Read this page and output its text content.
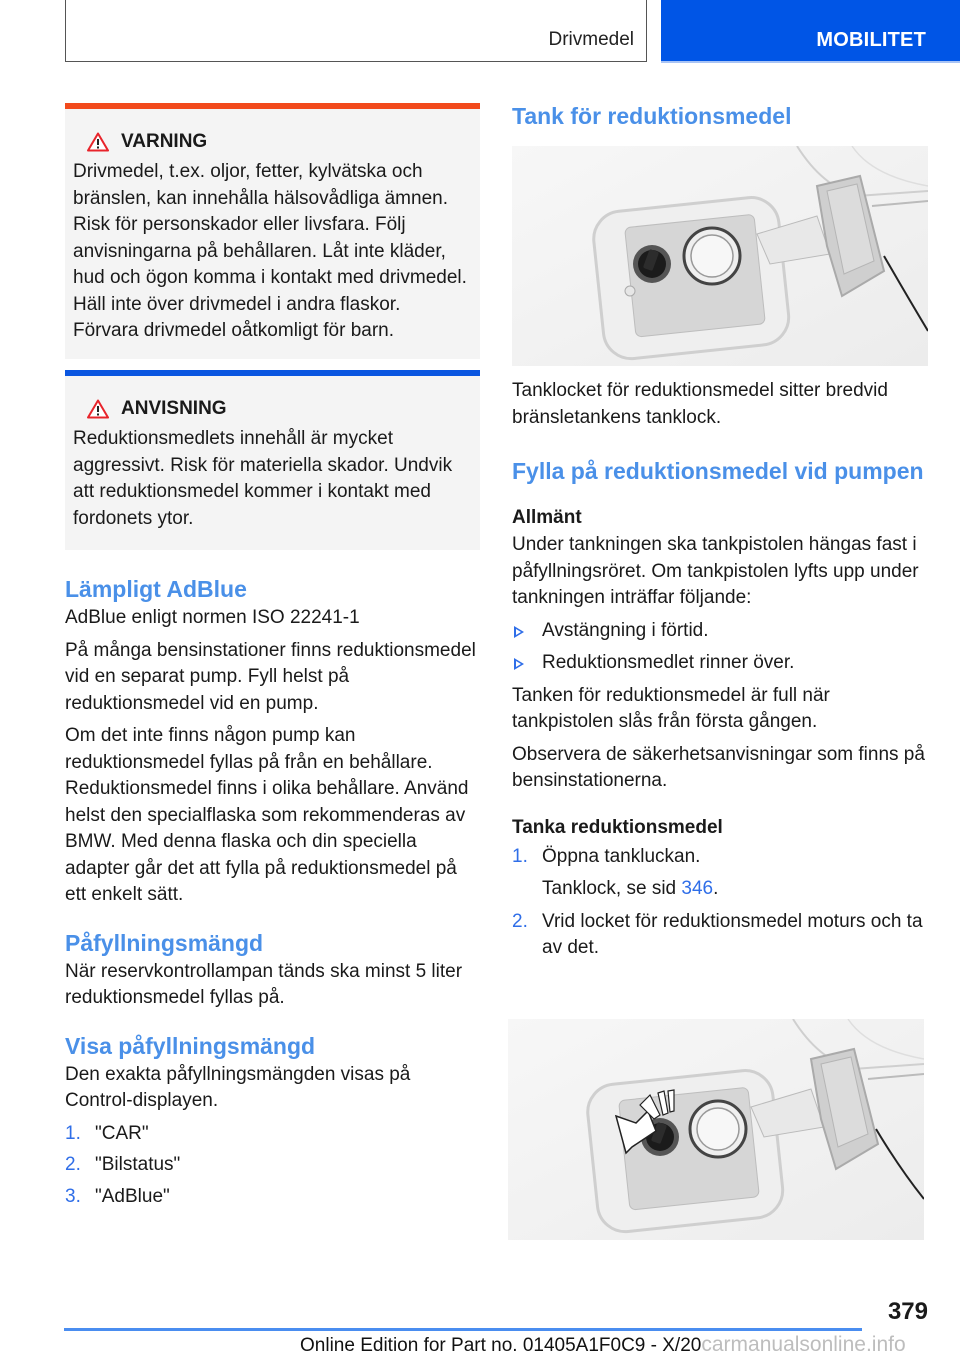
Drivmedel	MOBILITET
VARNING

Drivmedel, t.ex. oljor, fetter, kylvätska och bränslen, kan innehålla hälsovådliga ämnen. Risk för personskador eller livsfara. Följ anvisningarna på behållaren. Låt inte kläder, hud och ögon komma i kontakt med drivmedel. Häll inte över drivmedel i andra flaskor. Förvara drivmedel oåtkomligt för barn.

ANVISNING

Reduktionsmedlets innehåll är mycket aggressivt. Risk för materiella skador. Undvik att reduktionsmedel kommer i kontakt med fordonets ytor.

Lämpligt AdBlue

AdBlue enligt normen ISO 22241-1

På många bensinstationer finns reduktionsmedel vid en separat pump. Fyll helst på reduktionsmedel vid en pump.

Om det inte finns någon pump kan reduktionsmedel fyllas på från en behållare. Reduktionsmedel finns i olika behållare. Använd helst den specialflaska som rekommenderas av BMW. Med denna flaska och din speciella adapter går det att fylla på reduktionsmedel på ett enkelt sätt.

Påfyllningsmängd

När reservkontrollampan tänds ska minst 5 liter reduktionsmedel fyllas på.

Visa påfyllningsmängd

Den exakta påfyllningsmängden visas på Control-displayen.

1. "CAR"
2. "Bilstatus"
3. "AdBlue"
Tank för reduktionsmedel

Tanklocket för reduktionsmedel sitter bredvid bränsletankens tanklock.

Fylla på reduktionsmedel vid pumpen
Allmänt

Under tankningen ska tankpistolen hängas fast i påfyllningsröret. Om tankpistolen lyfts upp under tankningen inträffar följande:

Avstängning i förtid.
Reduktionsmedlet rinner över.

Tanken för reduktionsmedel är full när tankpistolen slås från första gången.

Observera de säkerhetsanvisningar som finns på bensinstationerna.

Tanka reduktionsmedel
1. Öppna tankluckan.
Tanklock, se sid 346.
2. Vrid locket för reduktionsmedel moturs och ta av det.
379
Online Edition for Part no. 01405A1F0C9 - X/20carmanualsonline.info
